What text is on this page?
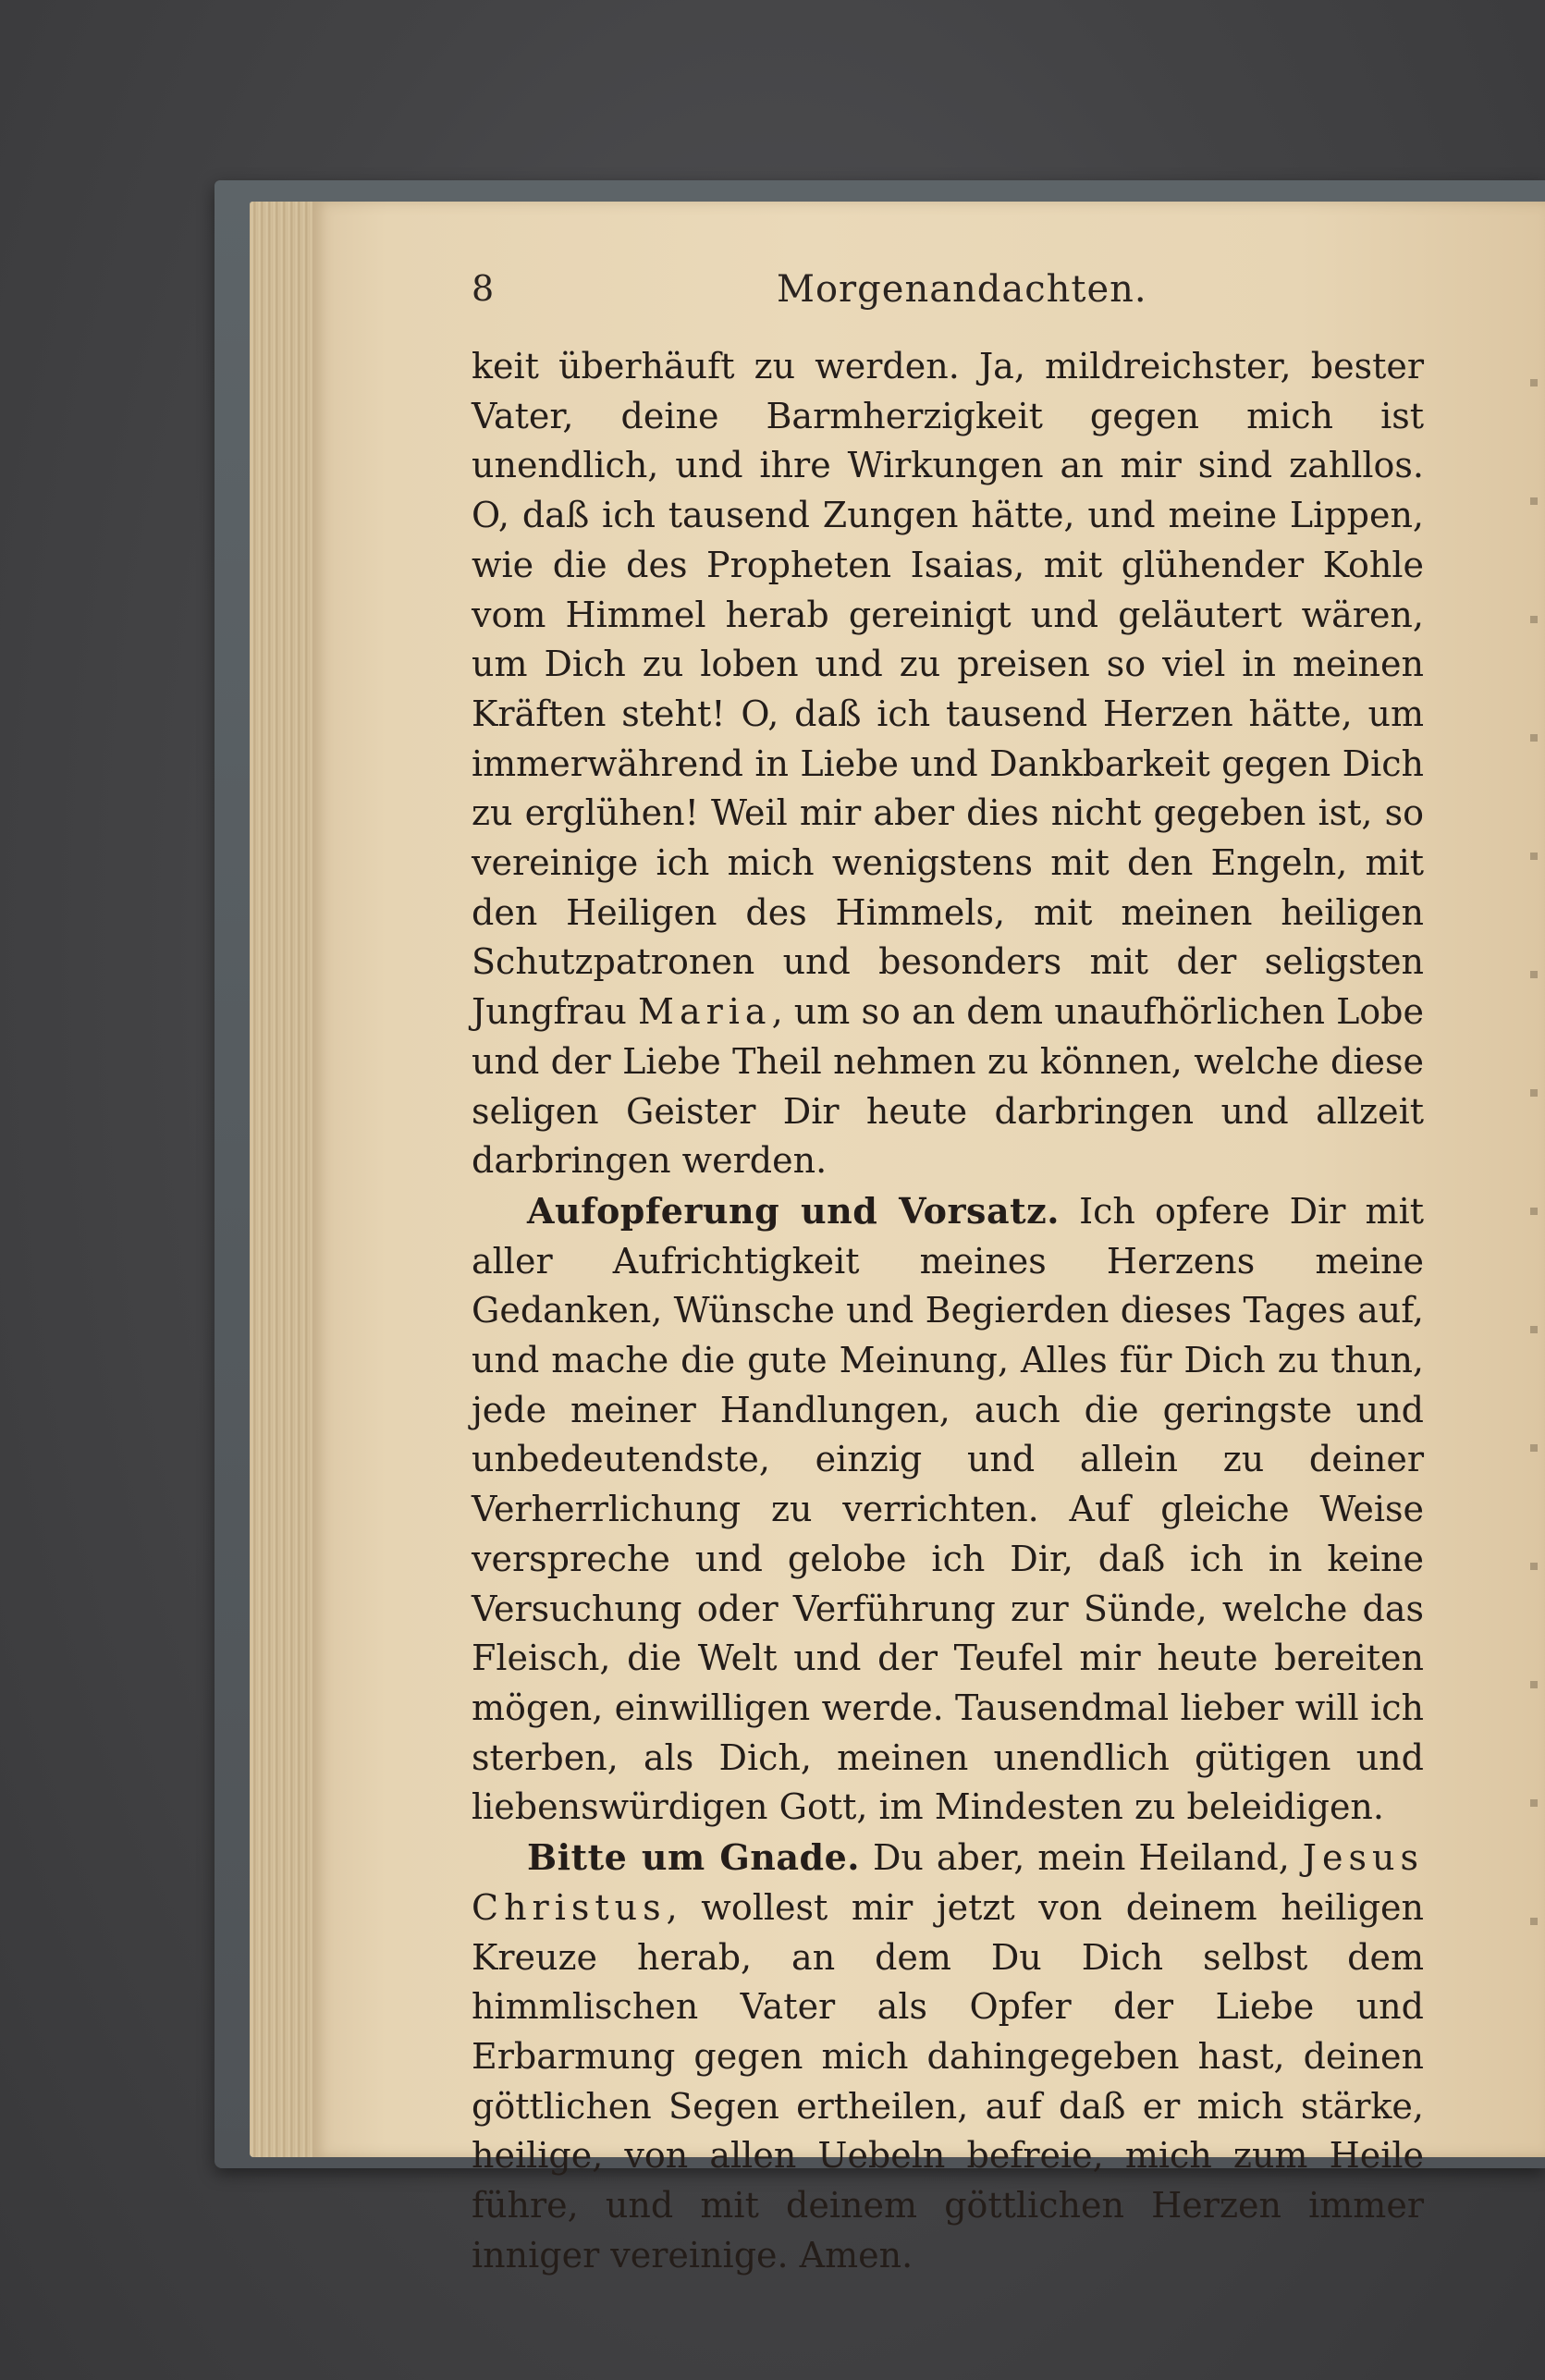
8	Morgenandachten.

keit überhäuft zu werden. Ja, mildreichster, bester Vater, deine Barmherzigkeit gegen mich ist unendlich, und ihre Wirkungen an mir sind zahllos. O, daß ich tausend Zungen hätte, und meine Lippen, wie die des Propheten Isaias, mit glühender Kohle vom Himmel herab gereinigt und geläutert wären, um Dich zu loben und zu preisen so viel in meinen Kräften steht! O, daß ich tausend Herzen hätte, um immerwährend in Liebe und Dankbarkeit gegen Dich zu erglühen! Weil mir aber dies nicht gegeben ist, so vereinige ich mich wenigstens mit den Engeln, mit den Heiligen des Himmels, mit meinen heiligen Schutzpatronen und besonders mit der seligsten Jungfrau Maria, um so an dem unaufhörlichen Lobe und der Liebe Theil nehmen zu können, welche diese seligen Geister Dir heute darbringen und allzeit darbringen werden.

Aufopferung und Vorsatz. Ich opfere Dir mit aller Aufrichtigkeit meines Herzens meine Gedanken, Wünsche und Begierden dieses Tages auf, und mache die gute Meinung, Alles für Dich zu thun, jede meiner Handlungen, auch die geringste und unbedeutendste, einzig und allein zu deiner Verherrlichung zu verrichten. Auf gleiche Weise verspreche und gelobe ich Dir, daß ich in keine Versuchung oder Verführung zur Sünde, welche das Fleisch, die Welt und der Teufel mir heute bereiten mögen, einwilligen werde. Tausendmal lieber will ich sterben, als Dich, meinen unendlich gütigen und liebenswürdigen Gott, im Mindesten zu beleidigen.

Bitte um Gnade. Du aber, mein Heiland, Jesus Christus, wollest mir jetzt von deinem heiligen Kreuze herab, an dem Du Dich selbst dem himmlischen Vater als Opfer der Liebe und Erbarmung gegen mich dahingegeben hast, deinen göttlichen Segen ertheilen, auf daß er mich stärke, heilige, von allen Uebeln befreie, mich zum Heile führe, und mit deinem göttlichen Herzen immer inniger vereinige. Amen.
